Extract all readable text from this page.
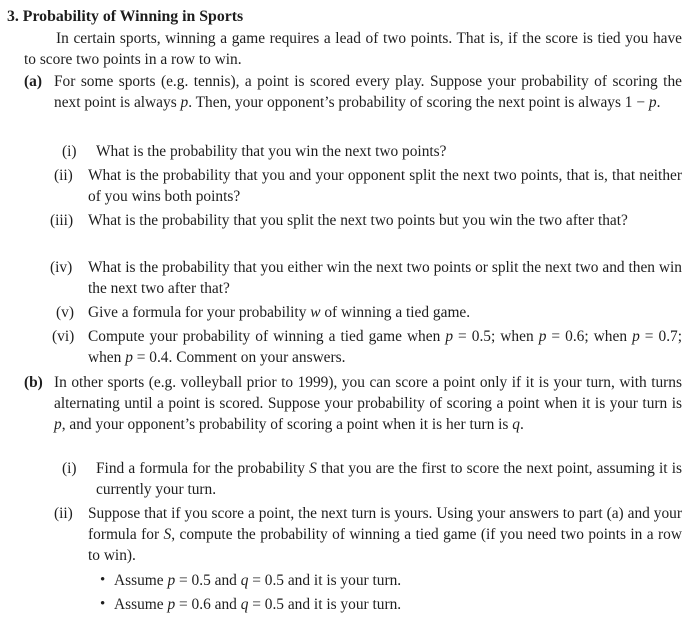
3. Probability of Winning in Sports
In certain sports, winning a game requires a lead of two points. That is, if the score is tied you have to score two points in a row to win.
(a) For some sports (e.g. tennis), a point is scored every play. Suppose your probability of scoring the next point is always p. Then, your opponent’s probability of scoring the next point is always 1 − p.
(i) What is the probability that you win the next two points?
(ii) What is the probability that you and your opponent split the next two points, that is, that neither of you wins both points?
(iii) What is the probability that you split the next two points but you win the two after that?
(iv) What is the probability that you either win the next two points or split the next two and then win the next two after that?
(v) Give a formula for your probability w of winning a tied game.
(vi) Compute your probability of winning a tied game when p = 0.5; when p = 0.6; when p = 0.7; when p = 0.4. Comment on your answers.
(b) In other sports (e.g. volleyball prior to 1999), you can score a point only if it is your turn, with turns alternating until a point is scored. Suppose your probability of scoring a point when it is your turn is p, and your opponent’s probability of scoring a point when it is her turn is q.
(i) Find a formula for the probability S that you are the first to score the next point, assuming it is currently your turn.
(ii) Suppose that if you score a point, the next turn is yours. Using your answers to part (a) and your formula for S, compute the probability of winning a tied game (if you need two points in a row to win).
• Assume p = 0.5 and q = 0.5 and it is your turn.
• Assume p = 0.6 and q = 0.5 and it is your turn.
